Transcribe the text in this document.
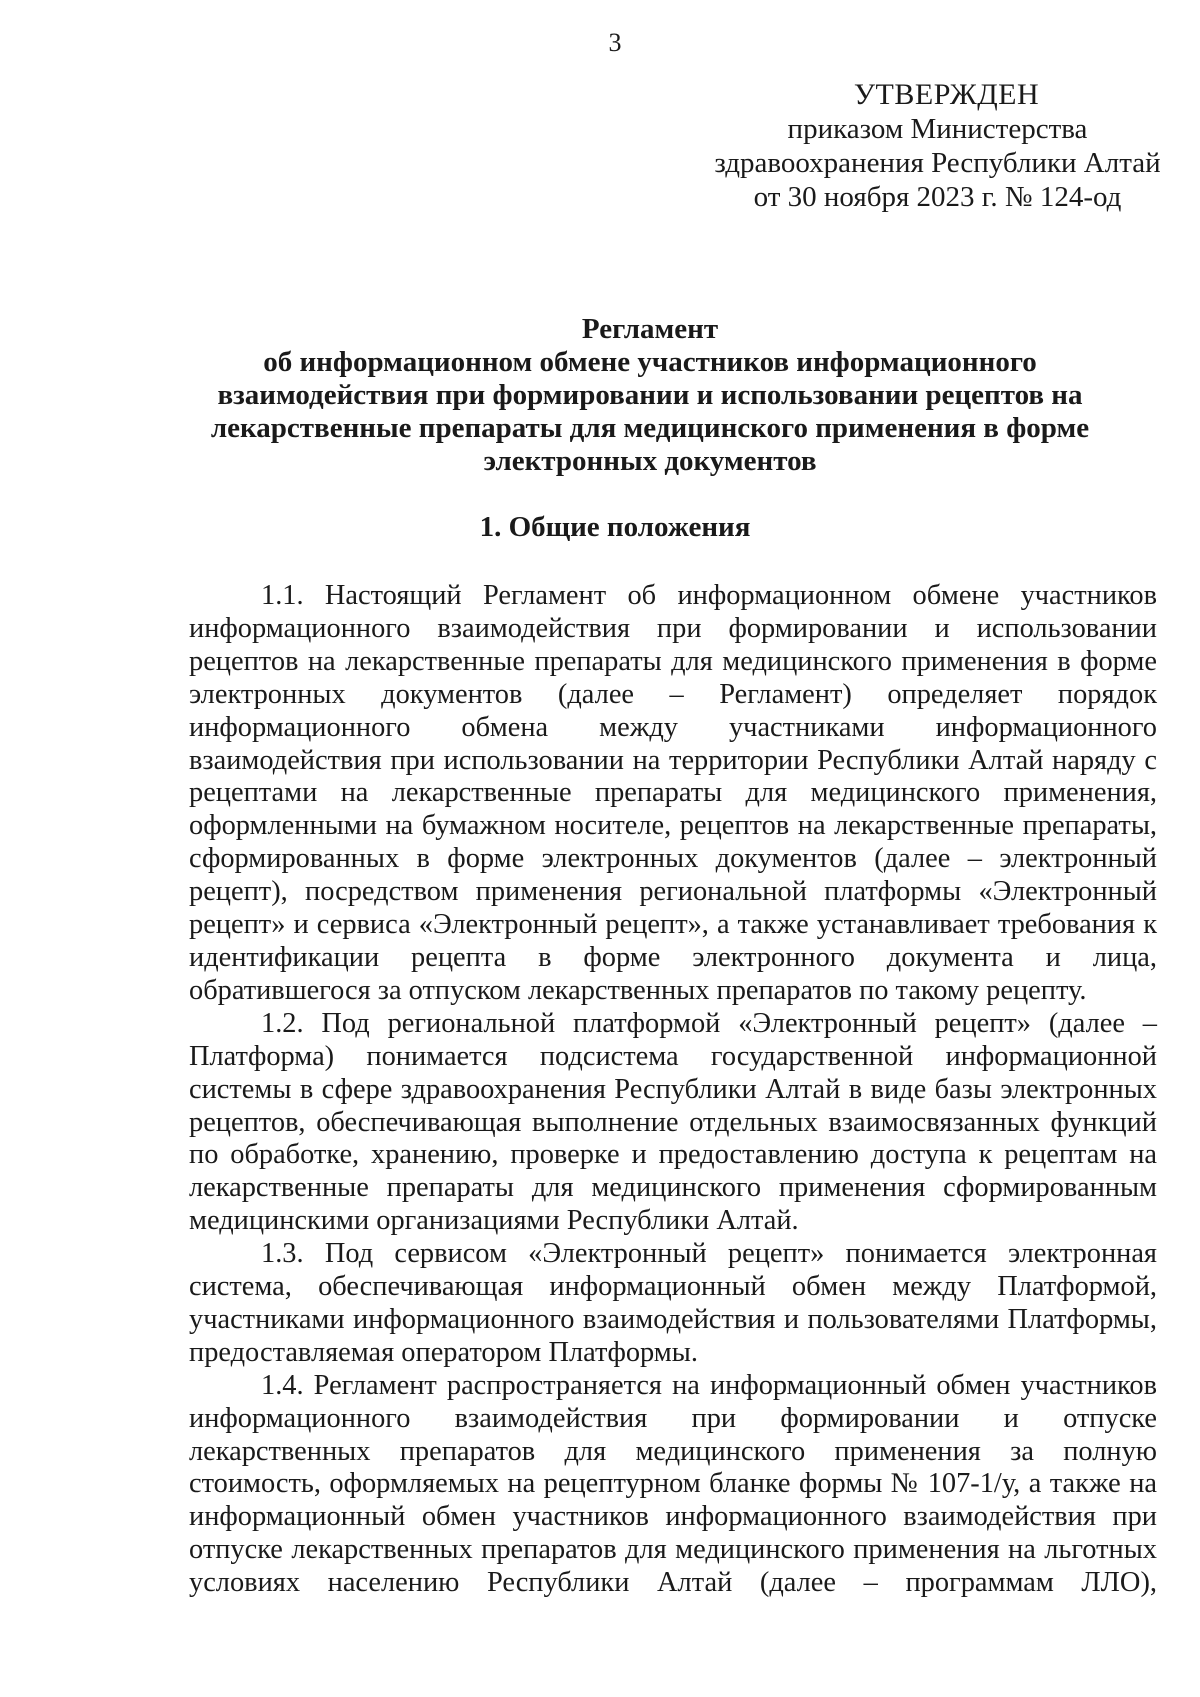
3
УТВЕРЖДЕН
приказом Министерства
здравоохранения Республики Алтай
от 30 ноября 2023 г. № 124-од
Регламент
об информационном обмене участников информационного
взаимодействия при формировании и использовании рецептов на
лекарственные препараты для медицинского применения в форме
электронных документов
1. Общие положения

1.1. Настоящий Регламент об информационном обмене участников информационного взаимодействия при формировании и использовании рецептов на лекарственные препараты для медицинского применения в форме электронных документов (далее – Регламент) определяет порядок информационного обмена между участниками информационного взаимодействия при использовании на территории Республики Алтай наряду с рецептами на лекарственные препараты для медицинского применения, оформленными на бумажном носителе, рецептов на лекарственные препараты, сформированных в форме электронных документов (далее – электронный рецепт), посредством применения региональной платформы «Электронный рецепт» и сервиса «Электронный рецепт», а также устанавливает требования к идентификации рецепта в форме электронного документа и лица, обратившегося за отпуском лекарственных препаратов по такому рецепту.

1.2. Под региональной платформой «Электронный рецепт» (далее – Платформа) понимается подсистема государственной информационной системы в сфере здравоохранения Республики Алтай в виде базы электронных рецептов, обеспечивающая выполнение отдельных взаимосвязанных функций по обработке, хранению, проверке и предоставлению доступа к рецептам на лекарственные препараты для медицинского применения сформированным медицинскими организациями Республики Алтай.

1.3. Под сервисом «Электронный рецепт» понимается электронная система, обеспечивающая информационный обмен между Платформой, участниками информационного взаимодействия и пользователями Платформы, предоставляемая оператором Платформы.

1.4. Регламент распространяется на информационный обмен участников информационного взаимодействия при формировании и отпуске лекарственных препаратов для медицинского применения за полную стоимость, оформляемых на рецептурном бланке формы № 107-1/у, а также на информационный обмен участников информационного взаимодействия при отпуске лекарственных препаратов для медицинского применения на льготных условиях населению Республики Алтай (далее – программам ЛЛО),
